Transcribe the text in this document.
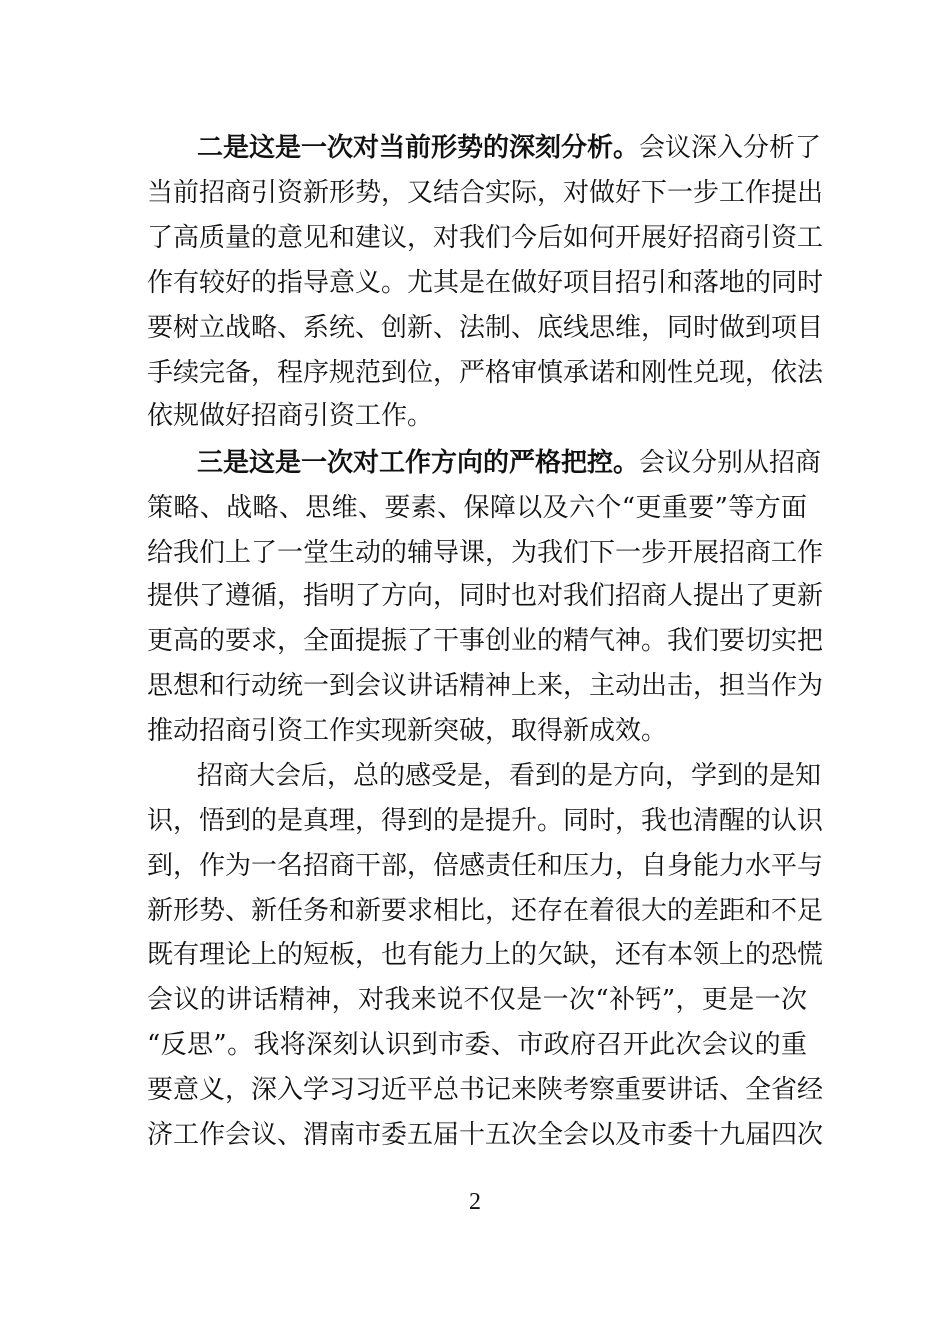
二是这是一次对当前形势的深刻分析。会议深入分析了
当前招商引资新形势，又结合实际，对做好下一步工作提出
了高质量的意见和建议，对我们今后如何开展好招商引资工
作有较好的指导意义。尤其是在做好项目招引和落地的同时
要树立战略、系统、创新、法制、底线思维，同时做到项目
手续完备，程序规范到位，严格审慎承诺和刚性兑现，依法
依规做好招商引资工作。
三是这是一次对工作方向的严格把控。会议分别从招商
策略、战略、思维、要素、保障以及六个“更重要”等方面
给我们上了一堂生动的辅导课，为我们下一步开展招商工作
提供了遵循，指明了方向，同时也对我们招商人提出了更新
更高的要求，全面提振了干事创业的精气神。我们要切实把
思想和行动统一到会议讲话精神上来，主动出击，担当作为
推动招商引资工作实现新突破，取得新成效。
招商大会后，总的感受是，看到的是方向，学到的是知
识，悟到的是真理，得到的是提升。同时，我也清醒的认识
到，作为一名招商干部，倍感责任和压力，自身能力水平与
新形势、新任务和新要求相比，还存在着很大的差距和不足
既有理论上的短板，也有能力上的欠缺，还有本领上的恐慌
会议的讲话精神，对我来说不仅是一次“补钙”，更是一次
“反思”。我将深刻认识到市委、市政府召开此次会议的重
要意义，深入学习习近平总书记来陕考察重要讲话、全省经
济工作会议、渭南市委五届十五次全会以及市委十九届四次
2
